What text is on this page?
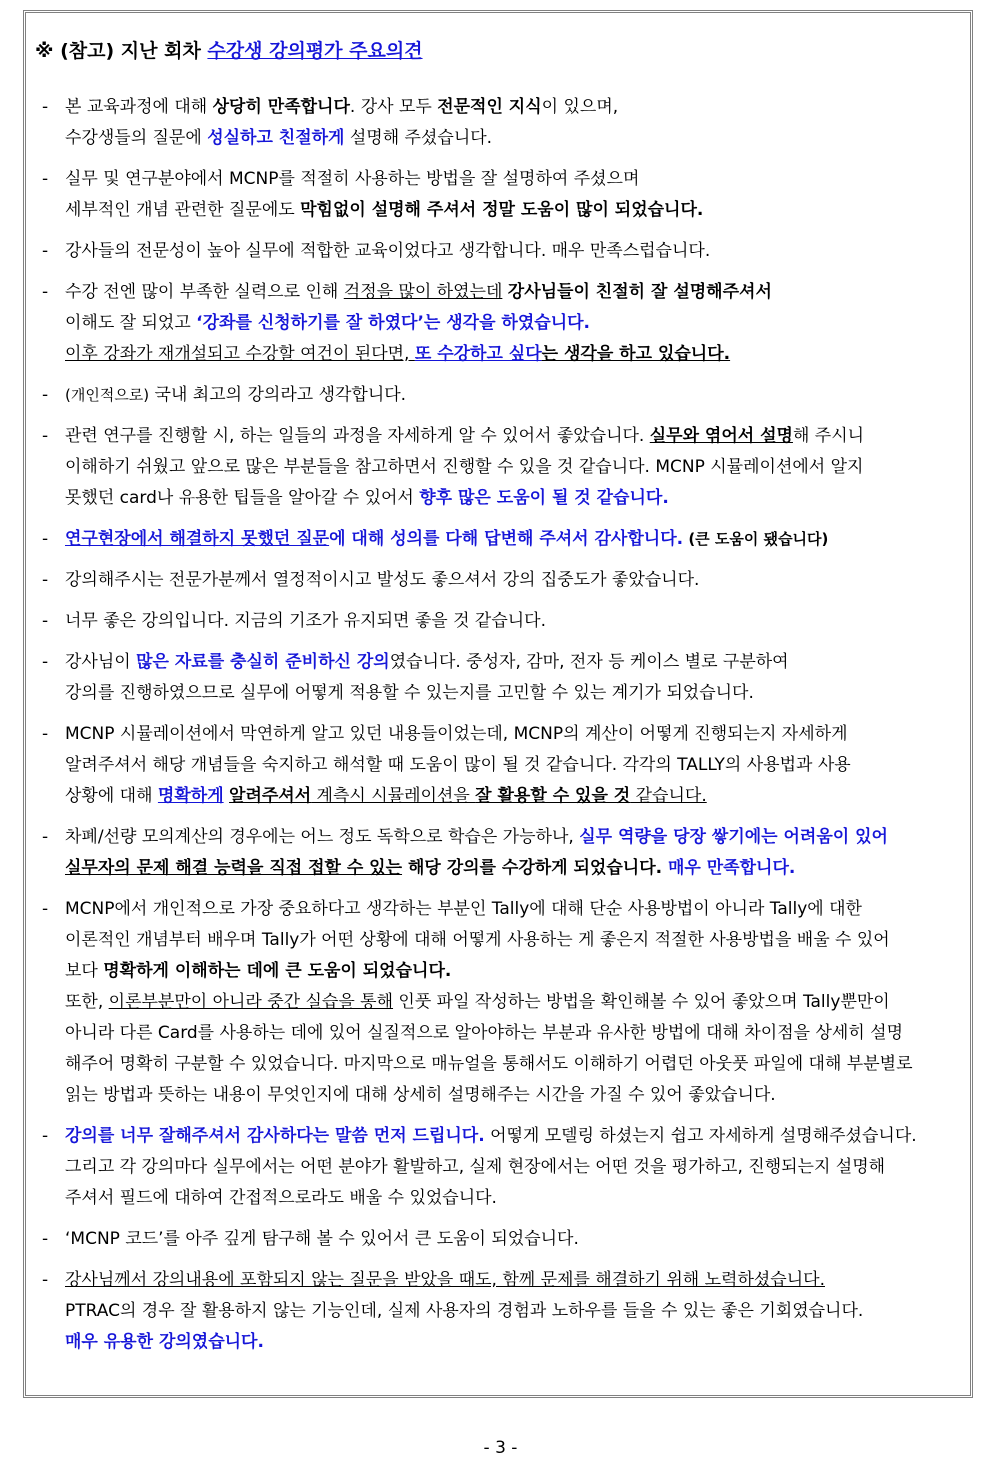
※ (참고) 지난 회차 수강생 강의평가 주요의견
- 본 교육과정에 대해 상당히 만족합니다. 강사 모두 전문적인 지식이 있으며,
수강생들의 질문에 성실하고 친절하게 설명해 주셨습니다.
- 실무 및 연구분야에서 MCNP를 적절히 사용하는 방법을 잘 설명하여 주셨으며
세부적인 개념 관련한 질문에도 막힘없이 설명해 주셔서 정말 도움이 많이 되었습니다.
- 강사들의 전문성이 높아 실무에 적합한 교육이었다고 생각합니다. 매우 만족스럽습니다.
- 수강 전엔 많이 부족한 실력으로 인해 걱정을 많이 하였는데 강사님들이 친절히 잘 설명해주셔서
이해도 잘 되었고 ‘강좌를 신청하기를 잘 하였다’는 생각을 하였습니다.
이후 강좌가 재개설되고 수강할 여건이 된다면, 또 수강하고 싶다는 생각을 하고 있습니다.
- (개인적으로) 국내 최고의 강의라고 생각합니다.
- 관련 연구를 진행할 시, 하는 일들의 과정을 자세하게 알 수 있어서 좋았습니다. 실무와 엮어서 설명해 주시니
이해하기 쉬웠고 앞으로 많은 부분들을 참고하면서 진행할 수 있을 것 같습니다. MCNP 시뮬레이션에서 알지
못했던 card나 유용한 팁들을 알아갈 수 있어서 향후 많은 도움이 될 것 같습니다.
- 연구현장에서 해결하지 못했던 질문에 대해 성의를 다해 답변해 주셔서 감사합니다. (큰 도움이 됐습니다)
- 강의해주시는 전문가분께서 열정적이시고 발성도 좋으셔서 강의 집중도가 좋았습니다.
- 너무 좋은 강의입니다. 지금의 기조가 유지되면 좋을 것 같습니다.
- 강사님이 많은 자료를 충실히 준비하신 강의였습니다. 중성자, 감마, 전자 등 케이스 별로 구분하여
강의를 진행하였으므로 실무에 어떻게 적용할 수 있는지를 고민할 수 있는 계기가 되었습니다.
- MCNP 시뮬레이션에서 막연하게 알고 있던 내용들이었는데, MCNP의 계산이 어떻게 진행되는지 자세하게
알려주셔서 해당 개념들을 숙지하고 해석할 때 도움이 많이 될 것 같습니다. 각각의 TALLY의 사용법과 사용
상황에 대해 명확하게 알려주셔서 계측시 시뮬레이션을 잘 활용할 수 있을 것 같습니다.
- 차폐/선량 모의계산의 경우에는 어느 정도 독학으로 학습은 가능하나, 실무 역량을 당장 쌓기에는 어려움이 있어
실무자의 문제 해결 능력을 직접 접할 수 있는 해당 강의를 수강하게 되었습니다. 매우 만족합니다.
- MCNP에서 개인적으로 가장 중요하다고 생각하는 부분인 Tally에 대해 단순 사용방법이 아니라 Tally에 대한
이론적인 개념부터 배우며 Tally가 어떤 상황에 대해 어떻게 사용하는 게 좋은지 적절한 사용방법을 배울 수 있어
보다 명확하게 이해하는 데에 큰 도움이 되었습니다.
또한, 이론부분만이 아니라 중간 실습을 통해 인풋 파일 작성하는 방법을 확인해볼 수 있어 좋았으며 Tally뿐만이
아니라 다른 Card를 사용하는 데에 있어 실질적으로 알아야하는 부분과 유사한 방법에 대해 차이점을 상세히 설명
해주어 명확히 구분할 수 있었습니다. 마지막으로 매뉴얼을 통해서도 이해하기 어렵던 아웃풋 파일에 대해 부분별로
읽는 방법과 뜻하는 내용이 무엇인지에 대해 상세히 설명해주는 시간을 가질 수 있어 좋았습니다.
- 강의를 너무 잘해주셔서 감사하다는 말씀 먼저 드립니다. 어떻게 모델링 하셨는지 쉽고 자세하게 설명해주셨습니다.
그리고 각 강의마다 실무에서는 어떤 분야가 활발하고, 실제 현장에서는 어떤 것을 평가하고, 진행되는지 설명해
주셔서 필드에 대하여 간접적으로라도 배울 수 있었습니다.
- ‘MCNP 코드’를 아주 깊게 탐구해 볼 수 있어서 큰 도움이 되었습니다.
- 강사님께서 강의내용에 포함되지 않는 질문을 받았을 때도, 함께 문제를 해결하기 위해 노력하셨습니다.
PTRAC의 경우 잘 활용하지 않는 기능인데, 실제 사용자의 경험과 노하우를 들을 수 있는 좋은 기회였습니다.
매우 유용한 강의였습니다.
- 3 -
